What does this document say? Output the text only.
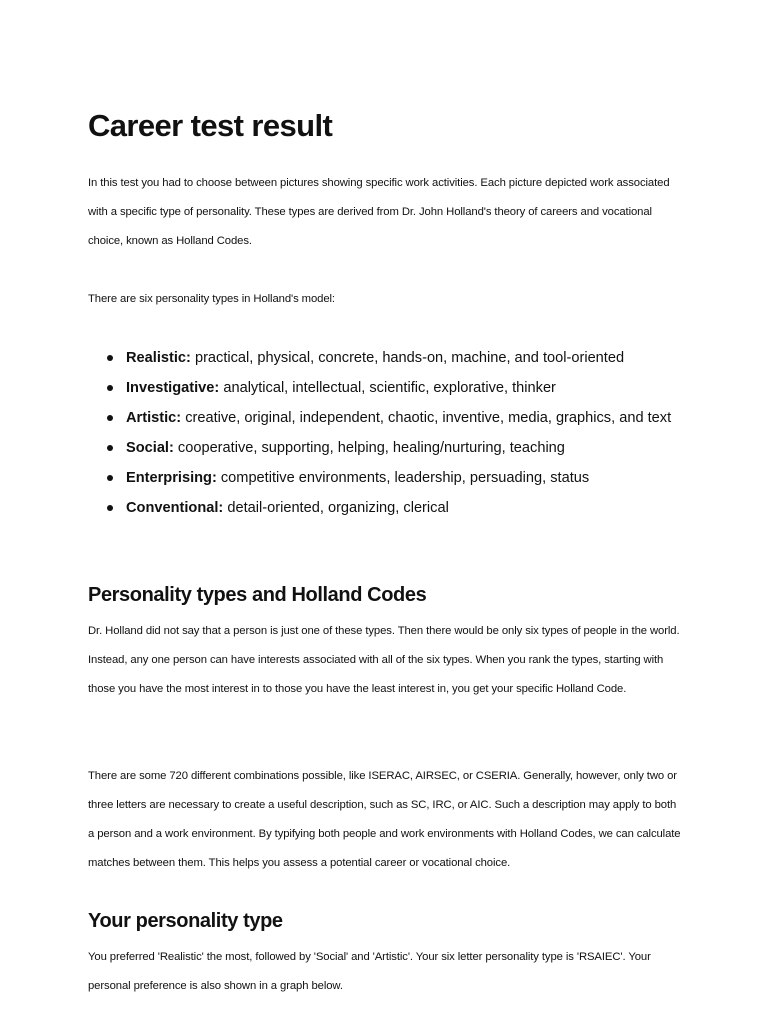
Career test result

In this test you had to choose between pictures showing specific work activities. Each picture depicted work associated with a specific type of personality. These types are derived from Dr. John Holland's theory of careers and vocational choice, known as Holland Codes.

There are six personality types in Holland's model:

Realistic: practical, physical, concrete, hands-on, machine, and tool-oriented
Investigative: analytical, intellectual, scientific, explorative, thinker
Artistic: creative, original, independent, chaotic, inventive, media, graphics, and text
Social: cooperative, supporting, helping, healing/nurturing, teaching
Enterprising: competitive environments, leadership, persuading, status
Conventional: detail-oriented, organizing, clerical
Personality types and Holland Codes

Dr. Holland did not say that a person is just one of these types. Then there would be only six types of people in the world. Instead, any one person can have interests associated with all of the six types. When you rank the types, starting with those you have the most interest in to those you have the least interest in, you get your specific Holland Code.

There are some 720 different combinations possible, like ISERAC, AIRSEC, or CSERIA. Generally, however, only two or three letters are necessary to create a useful description, such as SC, IRC, or AIC. Such a description may apply to both a person and a work environment. By typifying both people and work environments with Holland Codes, we can calculate matches between them. This helps you assess a potential career or vocational choice.

Your personality type

You preferred 'Realistic' the most, followed by 'Social' and 'Artistic'. Your six letter personality type is 'RSAIEC'. Your personal preference is also shown in a graph below.
